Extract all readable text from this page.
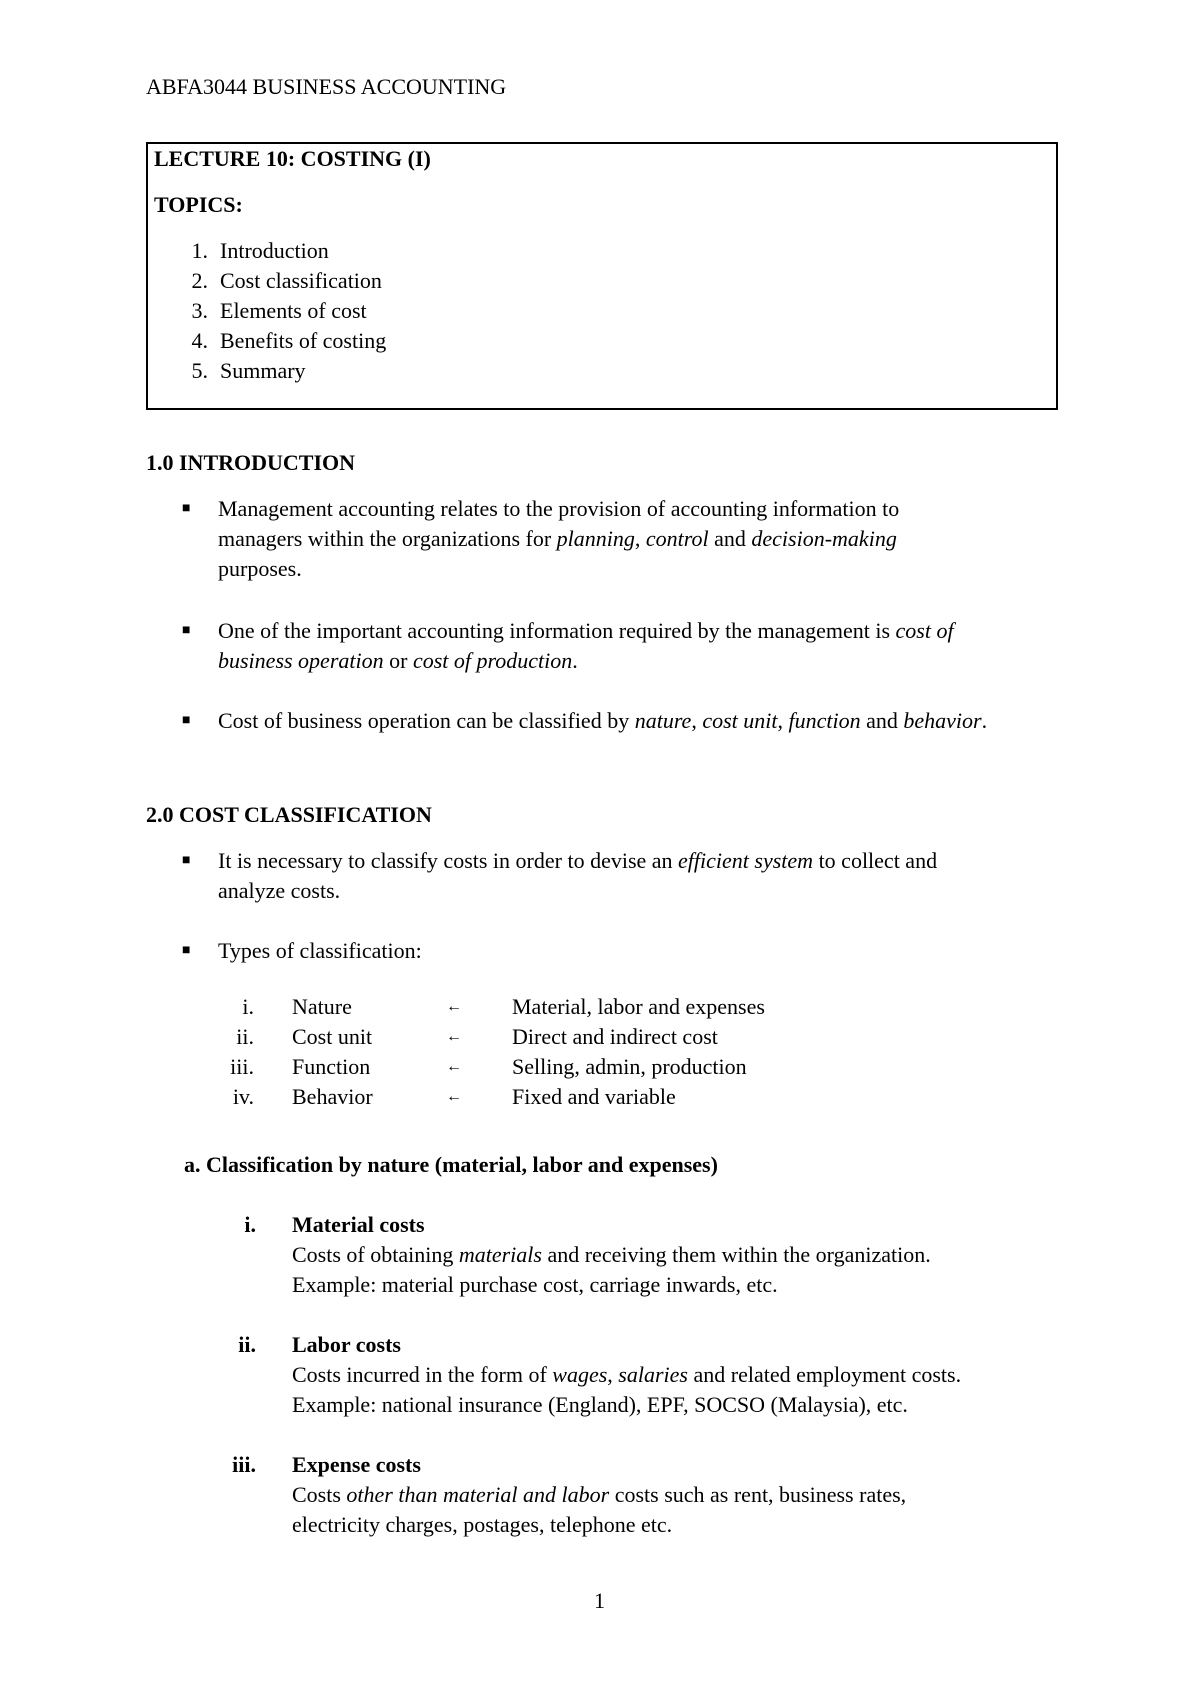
ABFA3044 BUSINESS ACCOUNTING
LECTURE 10: COSTING (I)
TOPICS:
1. Introduction
2. Cost classification
3. Elements of cost
4. Benefits of costing
5. Summary
1.0 INTRODUCTION
■ Management accounting relates to the provision of accounting information to
managers within the organizations for planning, control and decision-making
purposes.
■ One of the important accounting information required by the management is cost of
business operation or cost of production.
■ Cost of business operation can be classified by nature, cost unit, function and behavior.
2.0 COST CLASSIFICATION
■ It is necessary to classify costs in order to devise an efficient system to collect and
analyze costs.
■ Types of classification:
i. Nature	← Material, labor and expenses
ii. Cost unit	← Direct and indirect cost
iii. Function	← Selling, admin, production
iv. Behavior	← Fixed and variable
a. Classification by nature (material, labor and expenses)
i. Material costs
Costs of obtaining materials and receiving them within the organization.
Example: material purchase cost, carriage inwards, etc.
ii. Labor costs
Costs incurred in the form of wages, salaries and related employment costs.
Example: national insurance (England), EPF, SOCSO (Malaysia), etc.
iii. Expense costs
Costs other than material and labor costs such as rent, business rates,
electricity charges, postages, telephone etc.
1
